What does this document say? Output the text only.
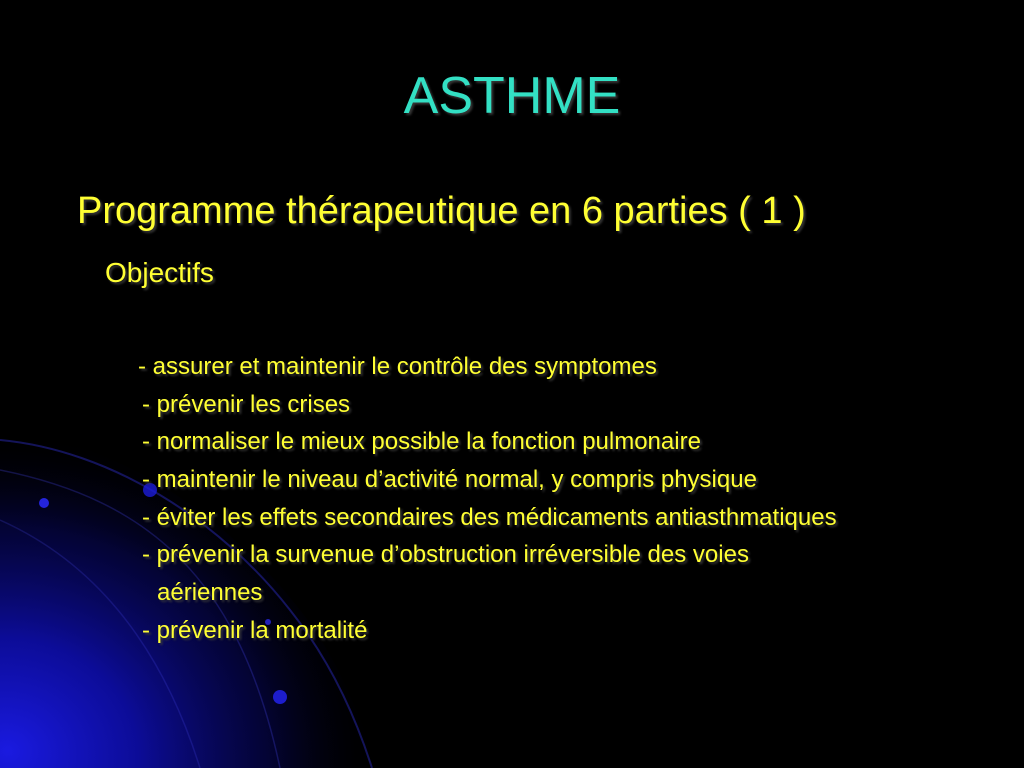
ASTHME
Programme thérapeutique en 6 parties ( 1 )
Objectifs
- assurer et maintenir le contrôle des symptomes
- prévenir les crises
- normaliser le mieux possible la fonction pulmonaire
- maintenir le niveau d’activité normal, y compris physique
- éviter les effets secondaires des médicaments antiasthmatiques
- prévenir la survenue d’obstruction irréversible des voies
aériennes
- prévenir la mortalité
